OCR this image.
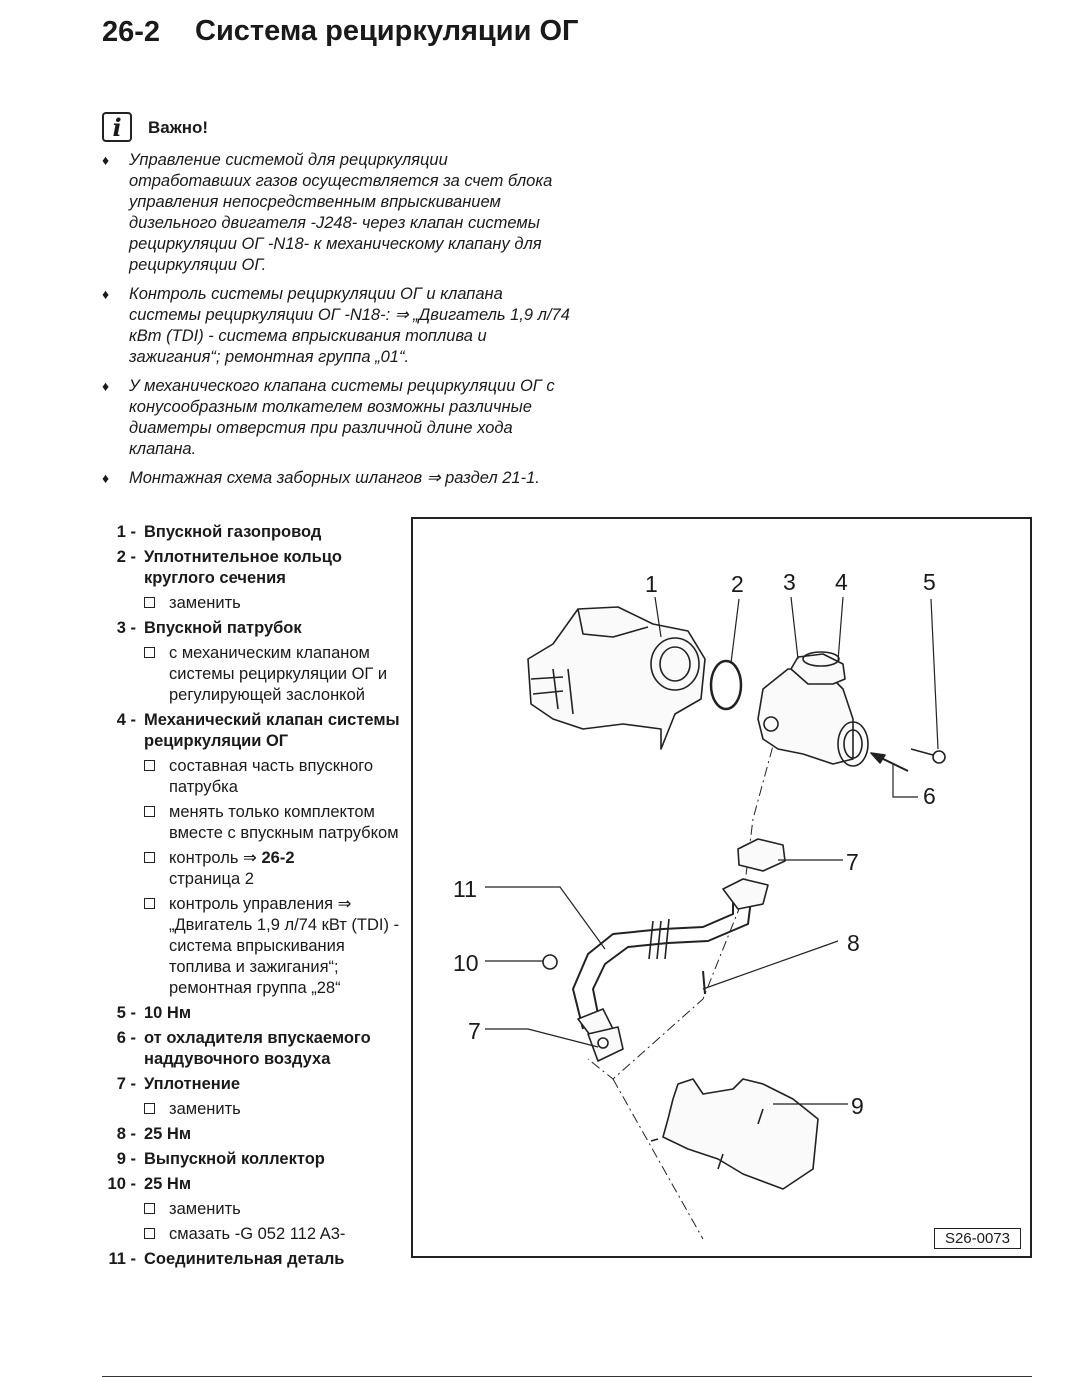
26-2 Система рециркуляции ОГ
i	Важно!
♦ Управление системой для рециркуляции отработавших газов осуществляется за счет блока управления непосредственным впрыскиванием дизельного двигателя -J248- через клапан системы рециркуляции ОГ -N18- к механическому клапану для рециркуляции ОГ.
♦ Контроль системы рециркуляции ОГ и клапана системы рециркуляции ОГ -N18-: ⇒ „Двигатель 1,9 л/74 кВт (TDI) - система впрыскивания топлива и зажигания“; ремонтная группа „01“.
♦ У механического клапана системы рециркуляции ОГ с конусообразным толкателем возможны различные диаметры отверстия при различной длине хода клапана.
♦ Монтажная схема заборных шлангов ⇒ раздел 21-1.
1 -	Впускной газопровод
2 -	Уплотнительное кольцо круглого сечения
заменить
3 -	Впускной патрубок
с механическим клапаном системы рециркуляции ОГ и регулирующей заслонкой
4 -	Механический клапан системы рециркуляции ОГ
составная часть впускного патрубка
менять только комплектом вместе с впускным патрубком
контроль ⇒ 26-2
страница 2
контроль управления ⇒ „Двигатель 1,9 л/74 кВт (TDI) - система впрыскивания топлива и зажигания“; ремонтная группа „28“
5 -	10 Нм
6 -	от охладителя впускаемого наддувочного воздуха
7 -	Уплотнение
заменить
8 -	25 Нм
9 -	Выпускной коллектор
10 -	25 Нм
заменить
смазать -G 052 112 A3-
11 -	Соединительная деталь
1	2 3 4	5
6
7
11
8
10
7
9
S26-0073
